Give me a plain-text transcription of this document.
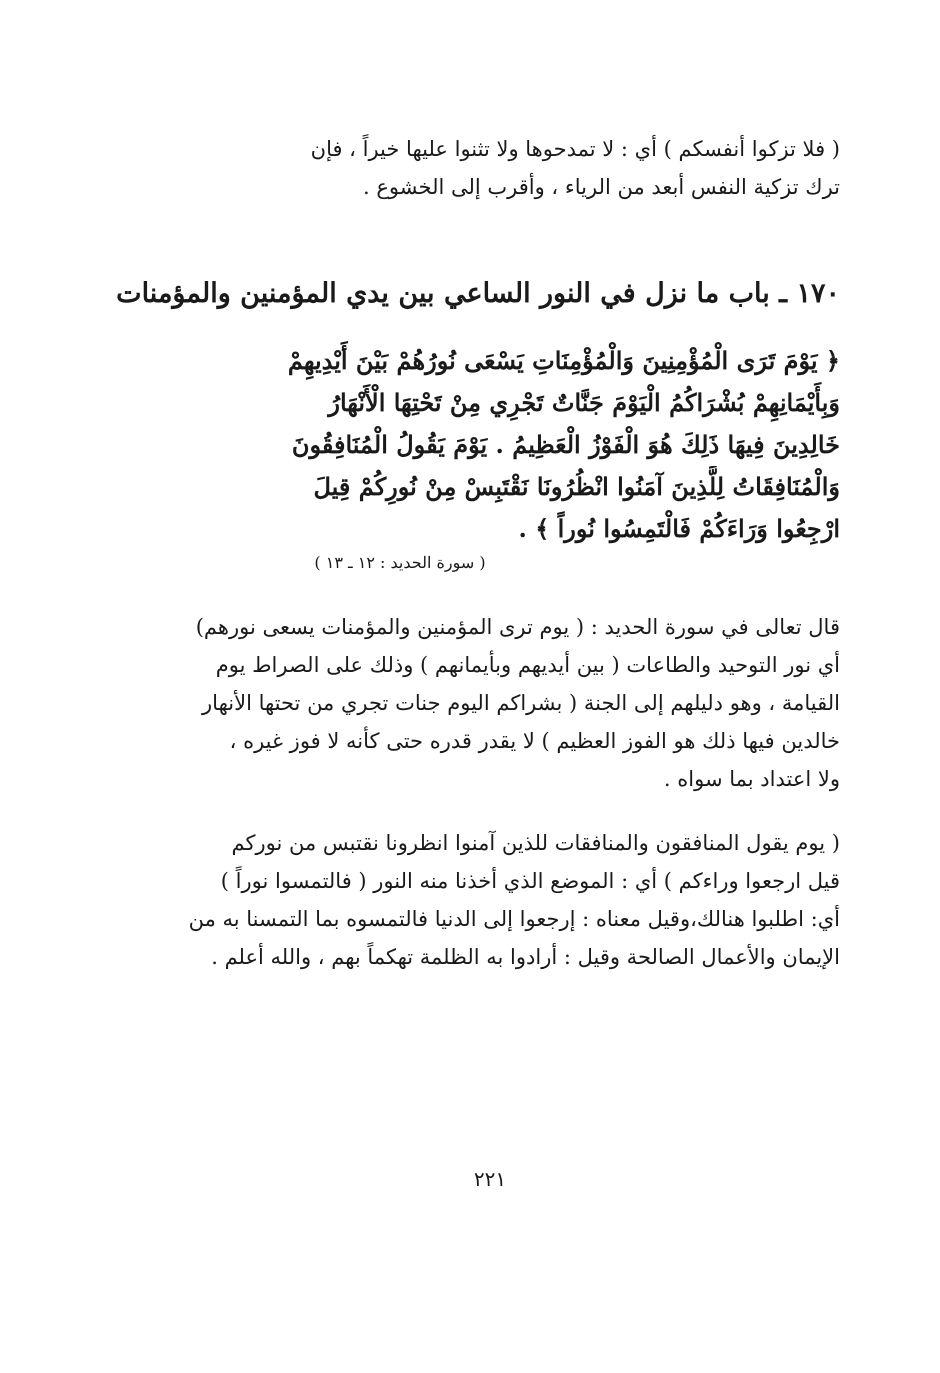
( فلا تزكوا أنفسكم ) أي : لا تمدحوها ولا تثنوا عليها خيراً ، فإن
ترك تزكية النفس أبعد من الرياء ، وأقرب إلى الخشوع .

١٧٠ ـ باب ما نزل في النور الساعي بين يدي المؤمنين والمؤمنات

﴿ يَوْمَ تَرَى الْمُؤْمِنِينَ وَالْمُؤْمِنَاتِ يَسْعَى نُورُهُمْ بَيْنَ أَيْدِيهِمْ
وَبِأَيْمَانِهِمْ بُشْرَاكُمُ الْيَوْمَ جَنَّاتٌ تَجْرِي مِنْ تَحْتِهَا الْأَنْهَارُ
خَالِدِينَ فِيهَا ذَلِكَ هُوَ الْفَوْزُ الْعَظِيمُ . يَوْمَ يَقُولُ الْمُنَافِقُونَ
وَالْمُنَافِقَاتُ لِلَّذِينَ آمَنُوا انْظُرُونَا نَقْتَبِسْ مِنْ نُورِكُمْ قِيلَ
ارْجِعُوا وَرَاءَكُمْ فَالْتَمِسُوا نُوراً ﴾ .

( سورة الحديد : ١٢ ـ ١٣ )

قال تعالى في سورة الحديد : ( يوم ترى المؤمنين والمؤمنات يسعى نورهم)
أي نور التوحيد والطاعات ( بين أيديهم وبأيمانهم ) وذلك على الصراط يوم
القيامة ، وهو دليلهم إلى الجنة ( بشراكم اليوم جنات تجري من تحتها الأنهار
خالدين فيها ذلك هو الفوز العظيم ) لا يقدر قدره حتى كأنه لا فوز غيره ،
ولا اعتداد بما سواه .

( يوم يقول المنافقون والمنافقات للذين آمنوا انظرونا نقتبس من نوركم
قيل ارجعوا وراءكم ) أي : الموضع الذي أخذنا منه النور ( فالتمسوا نوراً )
أي: اطلبوا هنالك،وقيل معناه : إرجعوا إلى الدنيا فالتمسوه بما التمسنا به من
الإيمان والأعمال الصالحة وقيل : أرادوا به الظلمة تهكماً بهم ، والله أعلم .

٢٢١
